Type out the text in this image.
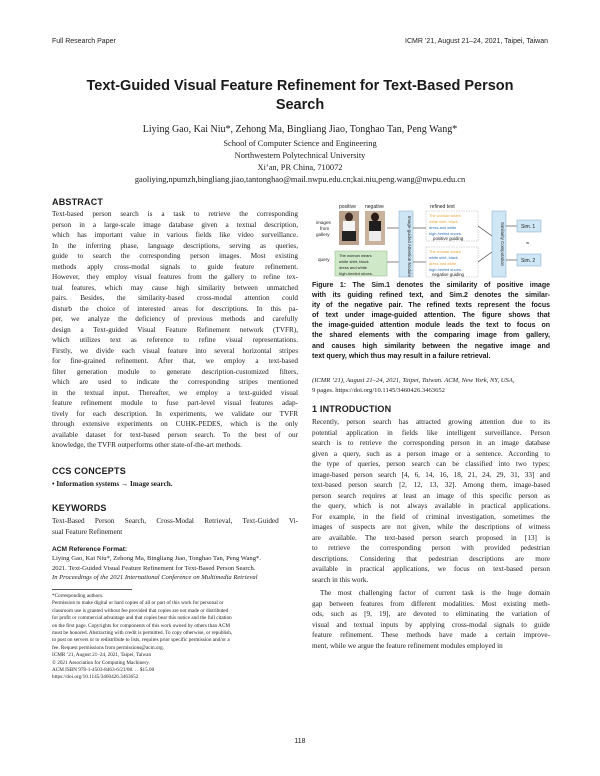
Full Research Paper	ICMR ’21, August 21–24, 2021, Taipei, Taiwan
Text-Guided Visual Feature Refinement for Text-Based Person
Search
Liying Gao, Kai Niu*, Zehong Ma, Bingliang Jiao, Tonghao Tan, Peng Wang*
School of Computer Science and Engineering
Northwestern Polytechnical University
Xi’an, PR China, 710072
gaoliying,npumzh,bingliang.jiao,tantonghao@mail.nwpu.edu.cn;kai.niu,peng.wang@nwpu.edu.cn
ABSTRACT
Text-based person search is a task to retrieve the corresponding
person in a large-scale image database given a textual description,
which has important value in various fields like video surveillance.
In the inferring phase, language descriptions, serving as queries,
guide to search the corresponding person images. Most existing
methods apply cross-modal signals to guide feature refinement.
However, they employ visual features from the gallery to refine tex-
tual features, which may cause high similarity between unmatched
pairs. Besides, the similarity-based cross-modal attention could
disturb the choice of interested areas for descriptions. In this pa-
per, we analyze the deficiency of previous methods and carefully
design a Text-guided Visual Feature Refinement network (TVFR),
which utilizes text as reference to refine visual representations.
Firstly, we divide each visual feature into several horizontal stripes
for fine-grained refinement. After that, we employ a text-based
filter generation module to generate description-customized filters,
which are used to indicate the corresponding stripes mentioned
in the textual input. Thereafter, we employ a text-guided visual
feature refinement module to fuse part-level visual features adap-
tively for each description. In experiments, we validate our TVFR
through extensive experiments on CUHK-PEDES, which is the only
available dataset for text-based person search. To the best of our
knowledge, the TVFR outperforms other state-of-the-art methods.
CCS CONCEPTS
• Information systems → Image search.
KEYWORDS
Text-Based Person Search, Cross-Modal Retrieval, Text-Guided Vi-
sual Feature Refinement
ACM Reference Format:
Liying Gao, Kai Niu*, Zehong Ma, Bingliang Jiao, Tonghao Tan, Peng Wang*.
2021. Text-Guided Visual Feature Refinement for Text-Based Person Search.
In Proceedings of the 2021 International Conference on Multimedia Retrieval
*Corresponding authors.
Permission to make digital or hard copies of all or part of this work for personal or
classroom use is granted without fee provided that copies are not made or distributed
for profit or commercial advantage and that copies bear this notice and the full citation
on the first page. Copyrights for components of this work owned by others than ACM
must be honored. Abstracting with credit is permitted. To copy otherwise, or republish,
to post on servers or to redistribute to lists, requires prior specific permission and/or a
fee. Request permissions from permissions@acm.org.
ICMR ’21, August 21–24, 2021, Taipei, Taiwan
© 2021 Association for Computing Machinery.
ACM ISBN 978-1-4503-8463-6/21/08. . . $15.00
https://doi.org/10.1145/3460426.3463652
positive negative	refined text
images
from
gallery
query
The woman wears
white shirt, black
dress and white
high-heeled shoes.	Image-guided Attention Module
The woman wears
white shirt, black
dress and white
high-heeled shoes.
positive guiding
The woman wears
white shirt, black
dress and white
high-heeled shoes.
negative guiding
Similarity Computation	Sim. 1
≈
Sim. 2
Figure 1: The Sim.1 denotes the similarity of positive image
with its guiding refined text, and Sim.2 denotes the similar-
ity of the negative pair. The refined texts represent the focus
of text under image-guided attention. The figure shows that
the image-guided attention module leads the text to focus on
the shared elements with the comparing image from gallery,
and causes high similarity between the negative image and
text query, which thus may result in a failure retrieval.
(ICMR ’21), August 21–24, 2021, Taipei, Taiwan. ACM, New York, NY, USA,
9 pages. https://doi.org/10.1145/3460426.3463652
1 INTRODUCTION
Recently, person search has attracted growing attention due to its
potential application in fields like intelligent surveillance. Person
search is to retrieve the corresponding person in an image database
given a query, such as a person image or a sentence. According to
the type of queries, person search can be classified into two types:
image-based person search [4, 6, 14, 16, 18, 21, 24, 29, 31, 33] and
text-based person search [2, 12, 13, 32]. Among them, image-based
person search requires at least an image of this specific person as
the query, which is not always available in practical applications.
For example, in the field of criminal investigation, sometimes the
images of suspects are not given, while the descriptions of witness
are available. The text-based person search proposed in [13] is
to retrieve the corresponding person with provided pedestrian
descriptions. Considering that pedestrian descriptions are more
available in practical applications, we focus on text-based person
search in this work.
The most challenging factor of current task is the huge domain
gap between features from different modalities. Most existing meth-
ods, such as [9, 19], are devoted to eliminating the variation of
visual and textual inputs by applying cross-modal signals to guide
feature refinement. These methods have made a certain improve-
ment, while we argue the feature refinement modules employed in
118
